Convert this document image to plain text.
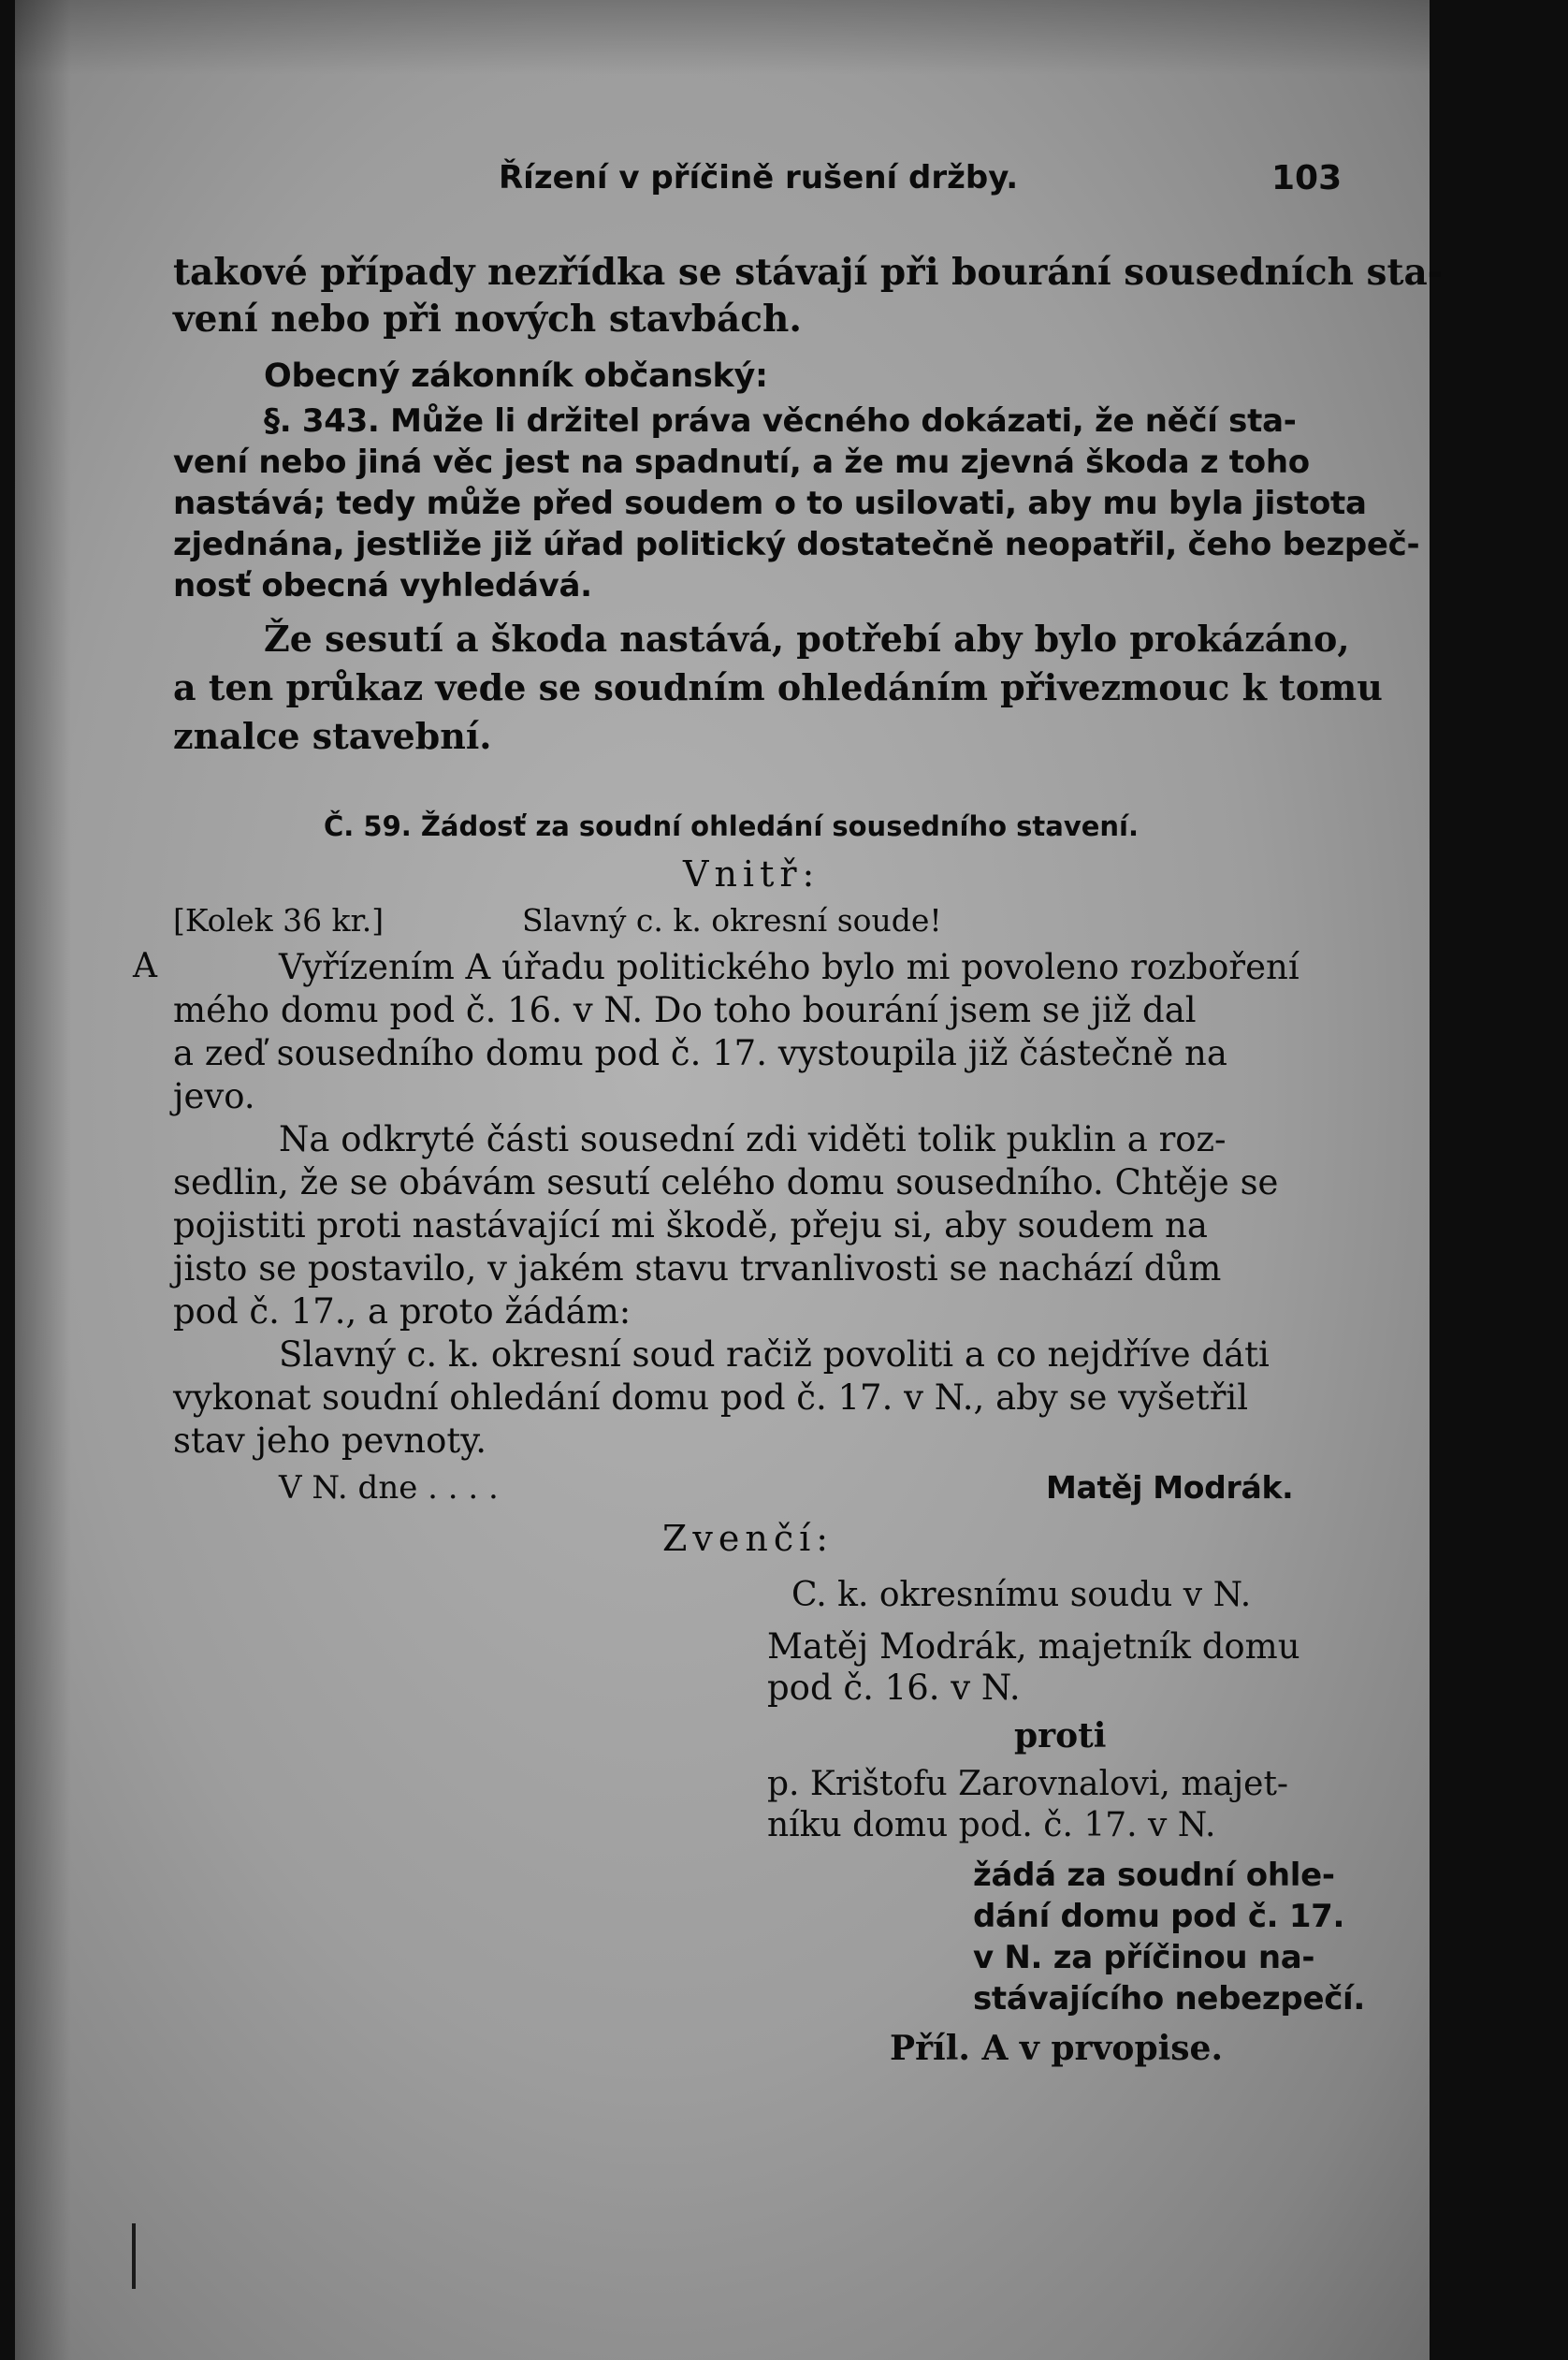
Řízení v příčině rušení držby.	103
takové případy nezřídka se stávají při bourání sousedních sta-
vení nebo při nových stavbách.
Obecný zákonník občanský:
§. 343. Může li držitel práva věcného dokázati, že něčí sta-
vení nebo jiná věc jest na spadnutí, a že mu zjevná škoda z toho
nastává; tedy může před soudem o to usilovati, aby mu byla jistota
zjednána, jestliže již úřad politický dostatečně neopatřil, čeho bezpeč-
nosť obecná vyhledává.
Že sesutí a škoda nastává, potřebí aby bylo prokázáno,
a ten průkaz vede se soudním ohledáním přivezmouc k tomu
znalce stavební.
Č. 59. Žádosť za soudní ohledání sousedního stavení.
Vnitř:
[Kolek 36 kr.]	Slavný c. k. okresní soude!
A	Vyřízením A úřadu politického bylo mi povoleno rozboření
mého domu pod č. 16. v N. Do toho bourání jsem se již dal
a zeď sousedního domu pod č. 17. vystoupila již částečně na
jevo.
Na odkryté části sousední zdi viděti tolik puklin a roz-
sedlin, že se obávám sesutí celého domu sousedního. Chtěje se
pojistiti proti nastávající mi škodě, přeju si, aby soudem na
jisto se postavilo, v jakém stavu trvanlivosti se nachází dům
pod č. 17., a proto žádám:
Slavný c. k. okresní soud račiž povoliti a co nejdříve dáti
vykonat soudní ohledání domu pod č. 17. v N., aby se vyšetřil
stav jeho pevnoty.
V N. dne . . . .	Matěj Modrák.
Zvenčí:
C. k. okresnímu soudu v N.
Matěj Modrák, majetník domu
pod č. 16. v N.
proti
p. Krištofu Zarovnalovi, majet-
níku domu pod. č. 17. v N.
žádá za soudní ohle-
dání domu pod č. 17.
v N. za příčinou na-
stávajícího nebezpečí.
Příl. A v prvopise.
